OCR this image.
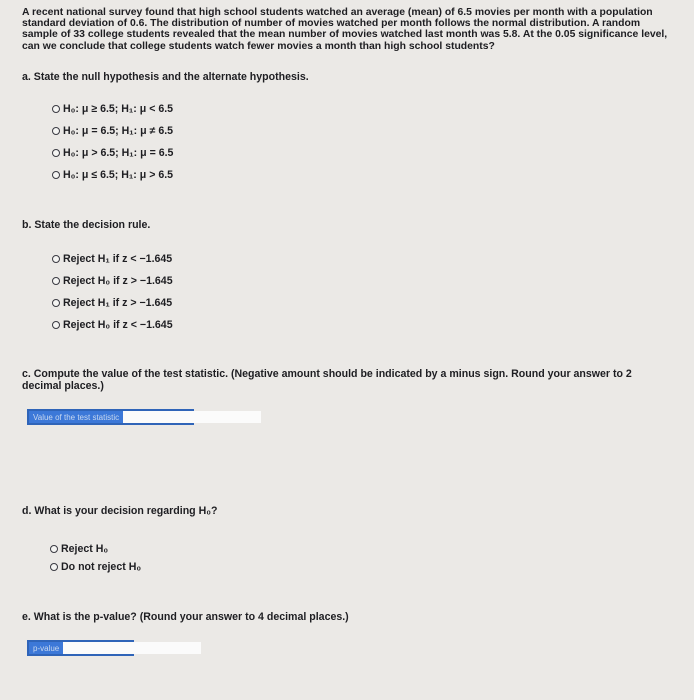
A recent national survey found that high school students watched an average (mean) of 6.5 movies per month with a population standard deviation of 0.6. The distribution of number of movies watched per month follows the normal distribution. A random sample of 33 college students revealed that the mean number of movies watched last month was 5.8. At the 0.05 significance level, can we conclude that college students watch fewer movies a month than high school students?
a. State the null hypothesis and the alternate hypothesis.
H₀: μ ≥ 6.5; H₁: μ < 6.5
H₀: μ = 6.5; H₁: μ ≠ 6.5
H₀: μ > 6.5; H₁: μ = 6.5
H₀: μ ≤ 6.5; H₁: μ > 6.5
b. State the decision rule.
Reject H₁ if z < −1.645
Reject H₀ if z > −1.645
Reject H₁ if z > −1.645
Reject H₀ if z < −1.645
c. Compute the value of the test statistic. (Negative amount should be indicated by a minus sign. Round your answer to 2 decimal places.)
Value of the test statistic
d. What is your decision regarding H₀?
Reject H₀
Do not reject H₀
e. What is the p-value? (Round your answer to 4 decimal places.)
p-value
